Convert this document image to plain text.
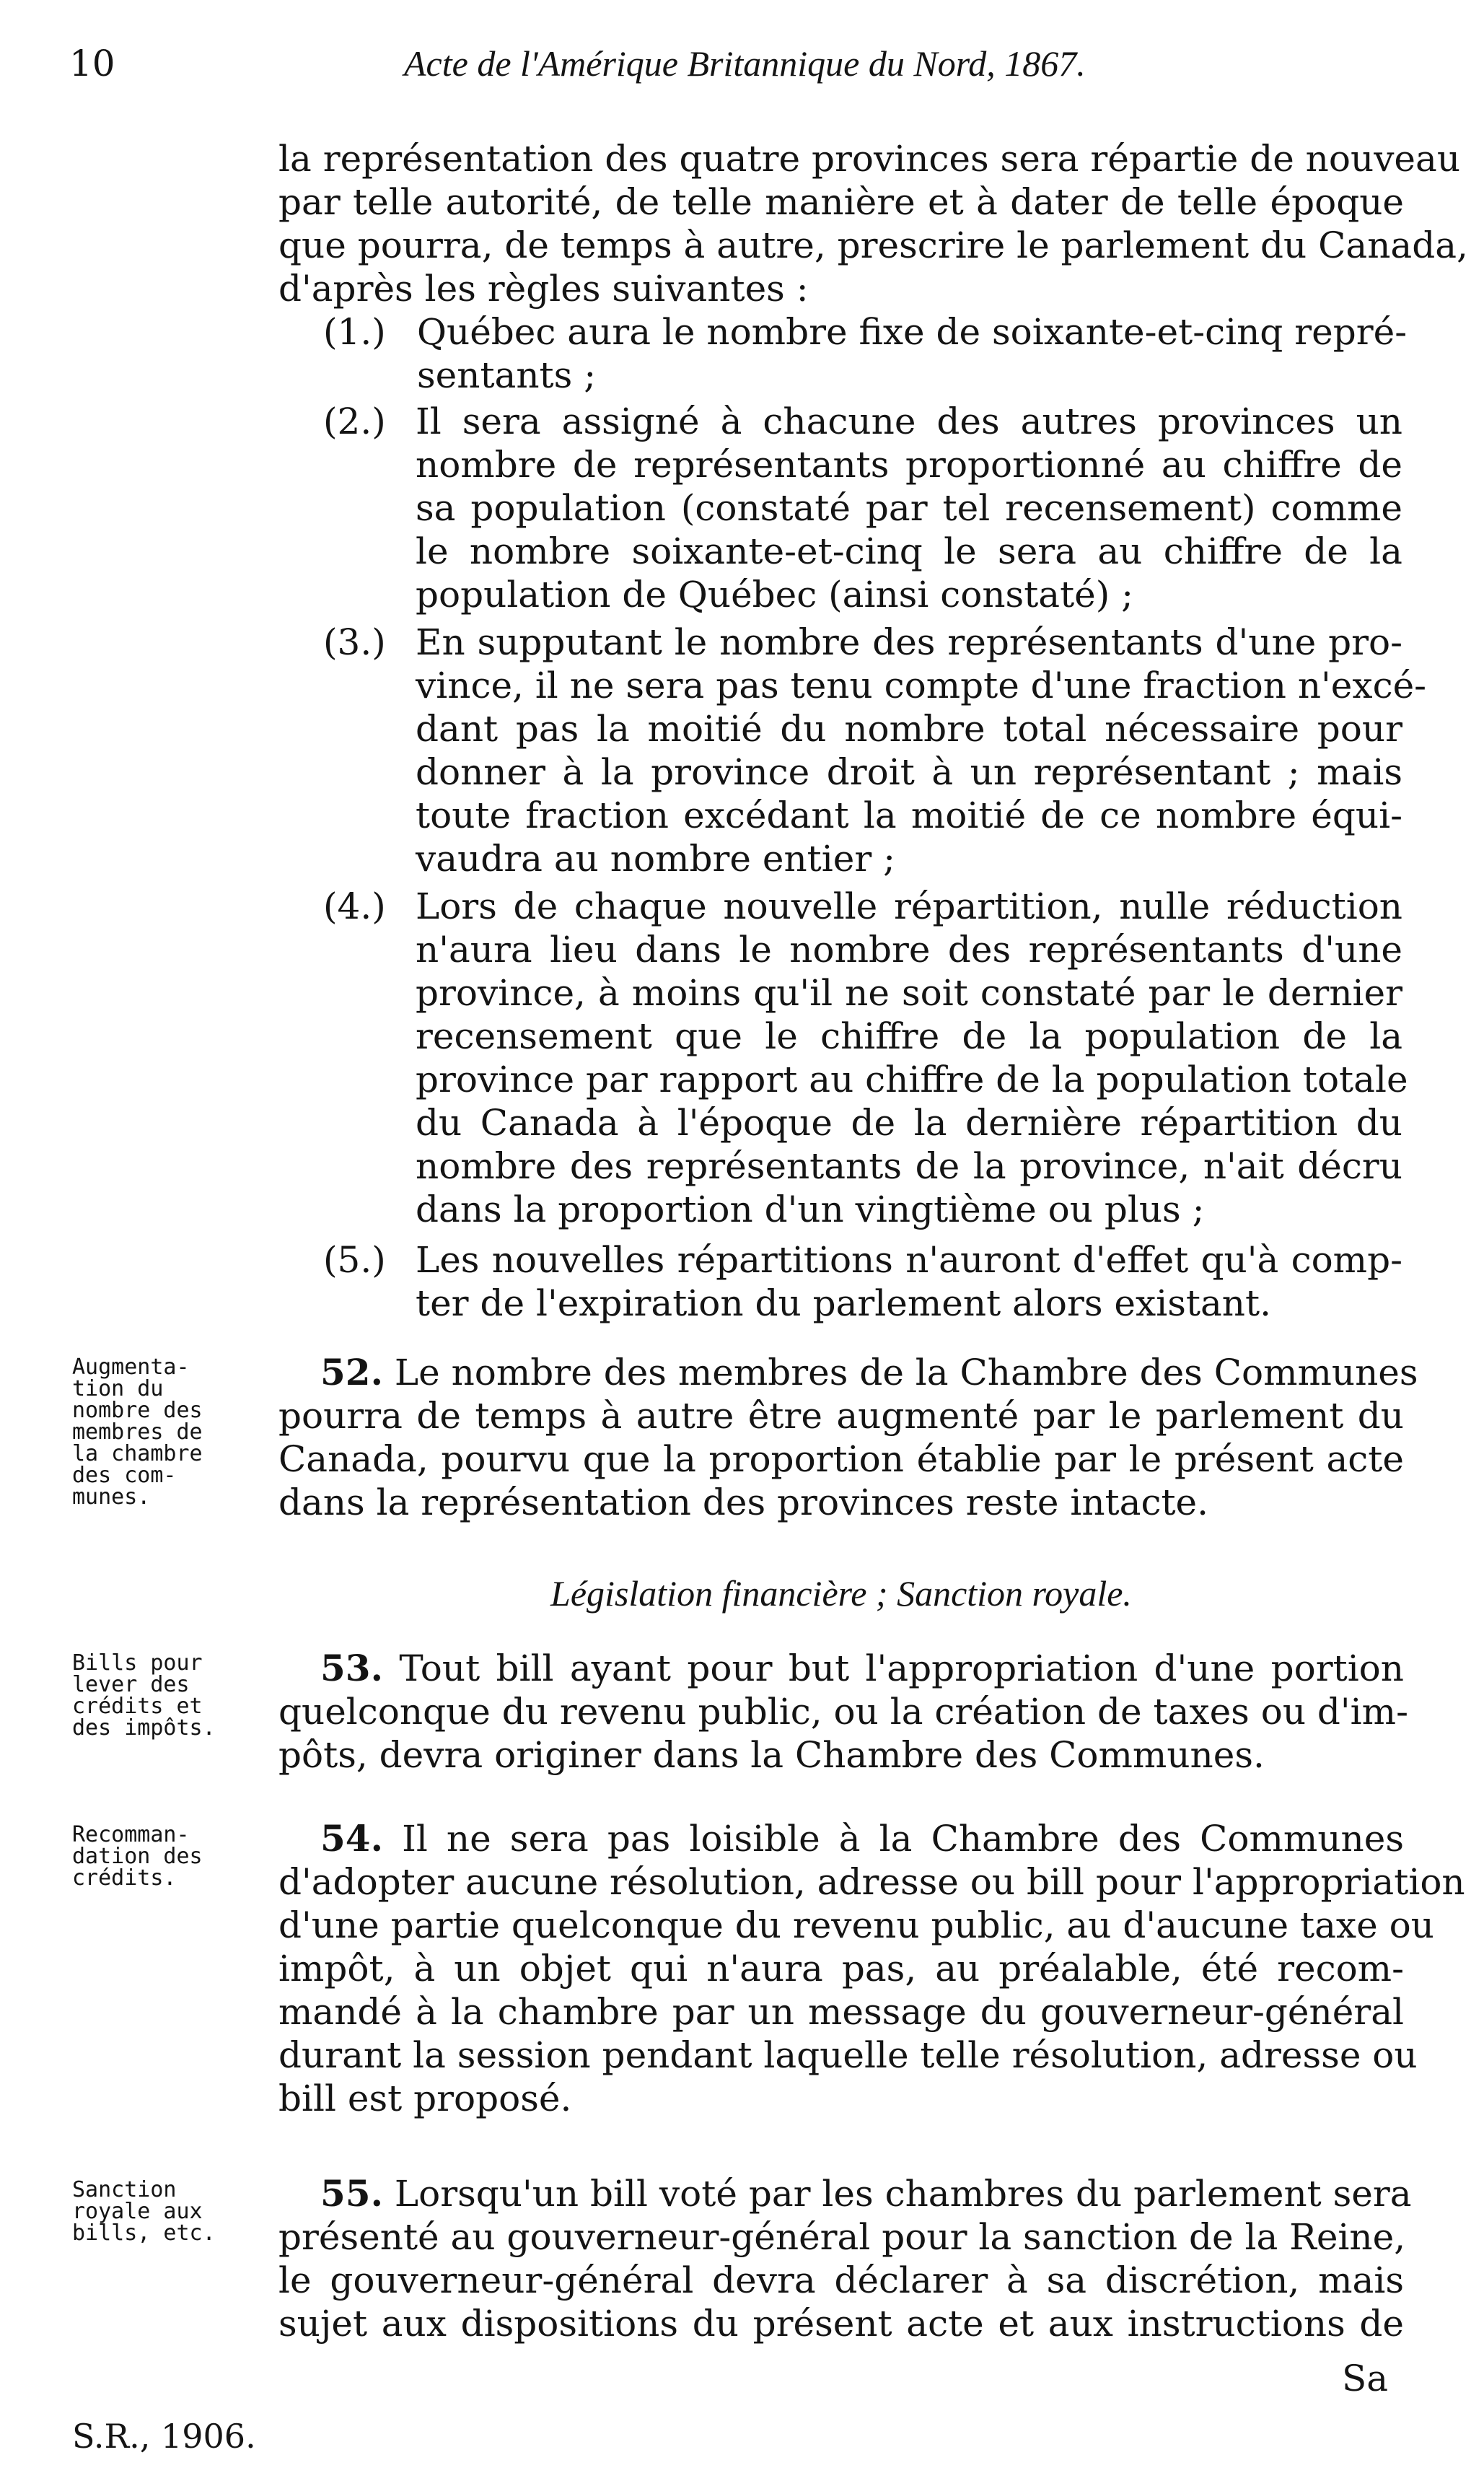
10	Acte de l'Amérique Britannique du Nord, 1867.
la représentation des quatre provinces sera répartie de nouveau
par telle autorité, de telle manière et à dater de telle époque
que pourra, de temps à autre, prescrire le parlement du Canada,
d'après les règles suivantes :
(1.) Québec aura le nombre fixe de soixante-et-cinq repré-
sentants ;
(2.) Il sera assigné à chacune des autres provinces un
nombre de représentants proportionné au chiffre de
sa population (constaté par tel recensement) comme
le nombre soixante-et-cinq le sera au chiffre de la
population de Québec (ainsi constaté) ;
(3.) En supputant le nombre des représentants d'une pro-
vince, il ne sera pas tenu compte d'une fraction n'excé-
dant pas la moitié du nombre total nécessaire pour
donner à la province droit à un représentant ; mais
toute fraction excédant la moitié de ce nombre équi-
vaudra au nombre entier ;
(4.) Lors de chaque nouvelle répartition, nulle réduction
n'aura lieu dans le nombre des représentants d'une
province, à moins qu'il ne soit constaté par le dernier
recensement que le chiffre de la population de la
province par rapport au chiffre de la population totale
du Canada à l'époque de la dernière répartition du
nombre des représentants de la province, n'ait décru
dans la proportion d'un vingtième ou plus ;
(5.) Les nouvelles répartitions n'auront d'effet qu'à comp-
ter de l'expiration du parlement alors existant.
Augmenta-
tion du
nombre des
membres de
la chambre
des com-
munes.
52. Le nombre des membres de la Chambre des Communes
pourra de temps à autre être augmenté par le parlement du
Canada, pourvu que la proportion établie par le présent acte
dans la représentation des provinces reste intacte.
Législation financière ; Sanction royale.
Bills pour
lever des
crédits et
des impôts.
53. Tout bill ayant pour but l'appropriation d'une portion
quelconque du revenu public, ou la création de taxes ou d'im-
pôts, devra originer dans la Chambre des Communes.
Recomman-
dation des
crédits.
54. Il ne sera pas loisible à la Chambre des Communes
d'adopter aucune résolution, adresse ou bill pour l'appropriation
d'une partie quelconque du revenu public, au d'aucune taxe ou
impôt, à un objet qui n'aura pas, au préalable, été recom-
mandé à la chambre par un message du gouverneur-général
durant la session pendant laquelle telle résolution, adresse ou
bill est proposé.
Sanction
royale aux
bills, etc.
55. Lorsqu'un bill voté par les chambres du parlement sera
présenté au gouverneur-général pour la sanction de la Reine,
le gouverneur-général devra déclarer à sa discrétion, mais
sujet aux dispositions du présent acte et aux instructions de
Sa
S.R., 1906.
